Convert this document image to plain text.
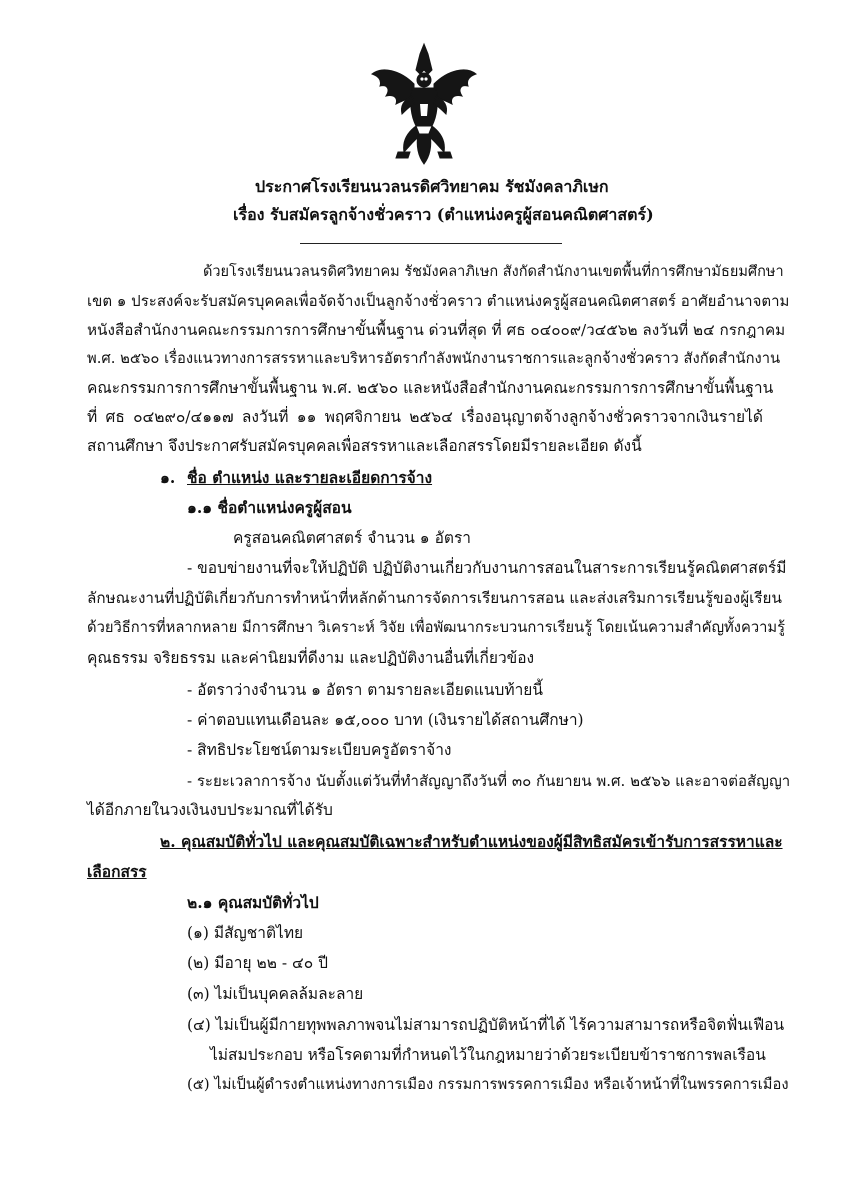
ประกาศโรงเรียนนวลนรดิศวิทยาคม รัชมังคลาภิเษก
เรื่อง รับสมัครลูกจ้างชั่วคราว (ตำแหน่งครูผู้สอนคณิตศาสตร์)
ด้วยโรงเรียนนวลนรดิศวิทยาคม รัชมังคลาภิเษก สังกัดสำนักงานเขตพื้นที่การศึกษามัธยมศึกษา
เขต ๑ ประสงค์จะรับสมัครบุคคลเพื่อจัดจ้างเป็นลูกจ้างชั่วคราว ตำแหน่งครูผู้สอนคณิตศาสตร์ อาศัยอำนาจตาม
หนังสือสำนักงานคณะกรรมการการศึกษาขั้นพื้นฐาน ด่วนที่สุด ที่ ศธ ๐๔๐๐๙/ว๔๕๖๒ ลงวันที่ ๒๔ กรกฎาคม
พ.ศ. ๒๕๖๐ เรื่องแนวทางการสรรหาและบริหารอัตรากำลังพนักงานราชการและลูกจ้างชั่วคราว สังกัดสำนักงาน
คณะกรรมการการศึกษาขั้นพื้นฐาน พ.ศ. ๒๕๖๐ และหนังสือสำนักงานคณะกรรมการการศึกษาขั้นพื้นฐาน
ที่ ศธ ๐๔๒๙๐/๔๑๑๗ ลงวันที่ ๑๑ พฤศจิกายน ๒๕๖๔ เรื่องอนุญาตจ้างลูกจ้างชั่วคราวจากเงินรายได้
สถานศึกษา จึงประกาศรับสมัครบุคคลเพื่อสรรหาและเลือกสรรโดยมีรายละเอียด ดังนี้
๑. ชื่อ ตำแหน่ง และรายละเอียดการจ้าง
๑.๑ ชื่อตำแหน่งครูผู้สอน
ครูสอนคณิตศาสตร์ จำนวน ๑ อัตรา
- ขอบข่ายงานที่จะให้ปฏิบัติ ปฏิบัติงานเกี่ยวกับงานการสอนในสาระการเรียนรู้คณิตศาสตร์มี
ลักษณะงานที่ปฏิบัติเกี่ยวกับการทำหน้าที่หลักด้านการจัดการเรียนการสอน และส่งเสริมการเรียนรู้ของผู้เรียน
ด้วยวิธีการที่หลากหลาย มีการศึกษา วิเคราะห์ วิจัย เพื่อพัฒนากระบวนการเรียนรู้ โดยเน้นความสำคัญทั้งความรู้
คุณธรรม จริยธรรม และค่านิยมที่ดีงาม และปฏิบัติงานอื่นที่เกี่ยวข้อง
- อัตราว่างจำนวน ๑ อัตรา ตามรายละเอียดแนบท้ายนี้
- ค่าตอบแทนเดือนละ ๑๕,๐๐๐ บาท (เงินรายได้สถานศึกษา)
- สิทธิประโยชน์ตามระเบียบครูอัตราจ้าง
- ระยะเวลาการจ้าง นับตั้งแต่วันที่ทำสัญญาถึงวันที่ ๓๐ กันยายน พ.ศ. ๒๕๖๖ และอาจต่อสัญญา
ได้อีกภายในวงเงินงบประมาณที่ได้รับ
๒. คุณสมบัติทั่วไป และคุณสมบัติเฉพาะสำหรับตำแหน่งของผู้มีสิทธิสมัครเข้ารับการสรรหาและ
เลือกสรร
๒.๑ คุณสมบัติทั่วไป
(๑) มีสัญชาติไทย
(๒) มีอายุ ๒๒ - ๔๐ ปี
(๓) ไม่เป็นบุคคลล้มละลาย
(๔) ไม่เป็นผู้มีกายทุพพลภาพจนไม่สามารถปฏิบัติหน้าที่ได้ ไร้ความสามารถหรือจิตฟั่นเฟือน
ไม่สมประกอบ หรือโรคตามที่กำหนดไว้ในกฎหมายว่าด้วยระเบียบข้าราชการพลเรือน
(๕) ไม่เป็นผู้ดำรงตำแหน่งทางการเมือง กรรมการพรรคการเมือง หรือเจ้าหน้าที่ในพรรคการเมือง
